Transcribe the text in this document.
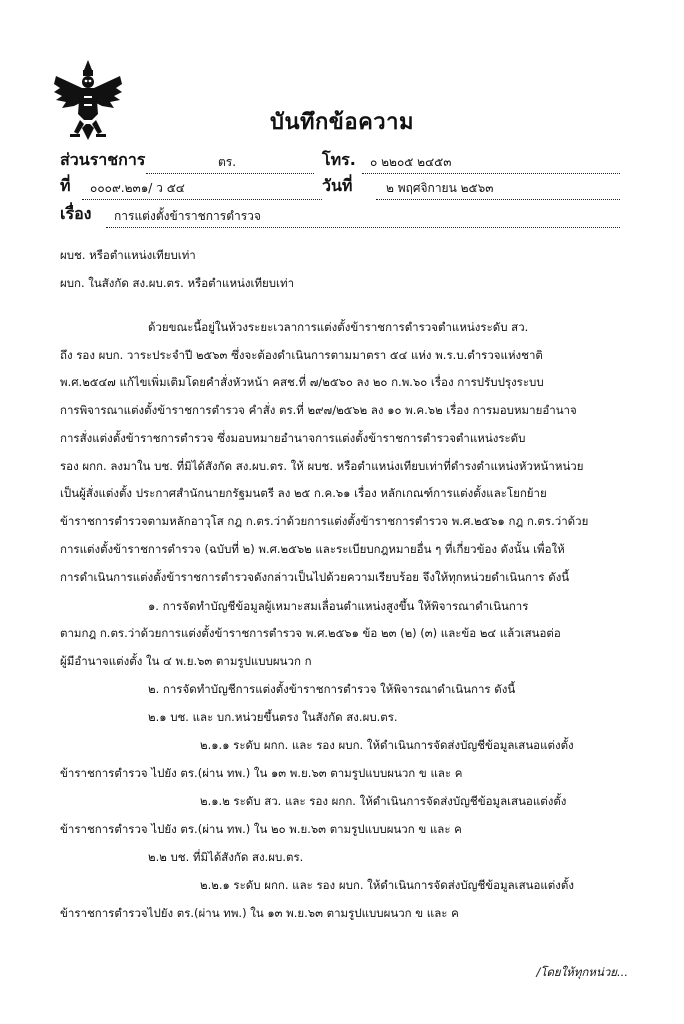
บันทึกข้อความ
ส่วนราชการ	ตร.	โทร. ๐ ๒๒๐๕ ๒๔๕๓
ที่ ๐๐๐๙.๒๓๑/ ว ๕๔	วันที่	๒ พฤศจิกายน ๒๕๖๓
เรื่อง การแต่งตั้งข้าราชการตำรวจ
ผบช. หรือตำแหน่งเทียบเท่า
ผบก. ในสังกัด สง.ผบ.ตร. หรือตำแหน่งเทียบเท่า
ด้วยขณะนี้อยู่ในห้วงระยะเวลาการแต่งตั้งข้าราชการตำรวจตำแหน่งระดับ สว.
ถึง รอง ผบก. วาระประจำปี ๒๕๖๓ ซึ่งจะต้องดำเนินการตามมาตรา ๕๔ แห่ง พ.ร.บ.ตำรวจแห่งชาติ
พ.ศ.๒๕๔๗ แก้ไขเพิ่มเติมโดยคำสั่งหัวหน้า คสช.ที่ ๗/๒๕๖๐ ลง ๒๐ ก.พ.๖๐ เรื่อง การปรับปรุงระบบ
การพิจารณาแต่งตั้งข้าราชการตำรวจ คำสั่ง ตร.ที่ ๒๙๗/๒๕๖๒ ลง ๑๐ พ.ค.๖๒ เรื่อง การมอบหมายอำนาจ
การสั่งแต่งตั้งข้าราชการตำรวจ ซึ่งมอบหมายอำนาจการแต่งตั้งข้าราชการตำรวจตำแหน่งระดับ
รอง ผกก. ลงมาใน บช. ที่มิได้สังกัด สง.ผบ.ตร. ให้ ผบช. หรือตำแหน่งเทียบเท่าที่ดำรงตำแหน่งหัวหน้าหน่วย
เป็นผู้สั่งแต่งตั้ง ประกาศสำนักนายกรัฐมนตรี ลง ๒๕ ก.ค.๖๑ เรื่อง หลักเกณฑ์การแต่งตั้งและโยกย้าย
ข้าราชการตำรวจตามหลักอาวุโส กฎ ก.ตร.ว่าด้วยการแต่งตั้งข้าราชการตำรวจ พ.ศ.๒๕๖๑ กฎ ก.ตร.ว่าด้วย
การแต่งตั้งข้าราชการตำรวจ (ฉบับที่ ๒) พ.ศ.๒๕๖๒ และระเบียบกฎหมายอื่น ๆ ที่เกี่ยวข้อง ดังนั้น เพื่อให้
การดำเนินการแต่งตั้งข้าราชการตำรวจดังกล่าวเป็นไปด้วยความเรียบร้อย จึงให้ทุกหน่วยดำเนินการ ดังนี้
๑. การจัดทำบัญชีข้อมูลผู้เหมาะสมเลื่อนตำแหน่งสูงขึ้น ให้พิจารณาดำเนินการ
ตามกฎ ก.ตร.ว่าด้วยการแต่งตั้งข้าราชการตำรวจ พ.ศ.๒๕๖๑ ข้อ ๒๓ (๒) (๓) และข้อ ๒๔ แล้วเสนอต่อ
ผู้มีอำนาจแต่งตั้ง ใน ๔ พ.ย.๖๓ ตามรูปแบบผนวก ก
๒. การจัดทำบัญชีการแต่งตั้งข้าราชการตำรวจ ให้พิจารณาดำเนินการ ดังนี้
๒.๑ บช. และ บก.หน่วยขึ้นตรง ในสังกัด สง.ผบ.ตร.
๒.๑.๑ ระดับ ผกก. และ รอง ผบก. ให้ดำเนินการจัดส่งบัญชีข้อมูลเสนอแต่งตั้ง
ข้าราชการตำรวจ ไปยัง ตร.(ผ่าน ทพ.) ใน ๑๓ พ.ย.๖๓ ตามรูปแบบผนวก ข และ ค
๒.๑.๒ ระดับ สว. และ รอง ผกก. ให้ดำเนินการจัดส่งบัญชีข้อมูลเสนอแต่งตั้ง
ข้าราชการตำรวจ ไปยัง ตร.(ผ่าน ทพ.) ใน ๒๐ พ.ย.๖๓ ตามรูปแบบผนวก ข และ ค
๒.๒ บช. ที่มิได้สังกัด สง.ผบ.ตร.
๒.๒.๑ ระดับ ผกก. และ รอง ผบก. ให้ดำเนินการจัดส่งบัญชีข้อมูลเสนอแต่งตั้ง
ข้าราชการตำรวจไปยัง ตร.(ผ่าน ทพ.) ใน ๑๓ พ.ย.๖๓ ตามรูปแบบผนวก ข และ ค
/โดยให้ทุกหน่วย...
